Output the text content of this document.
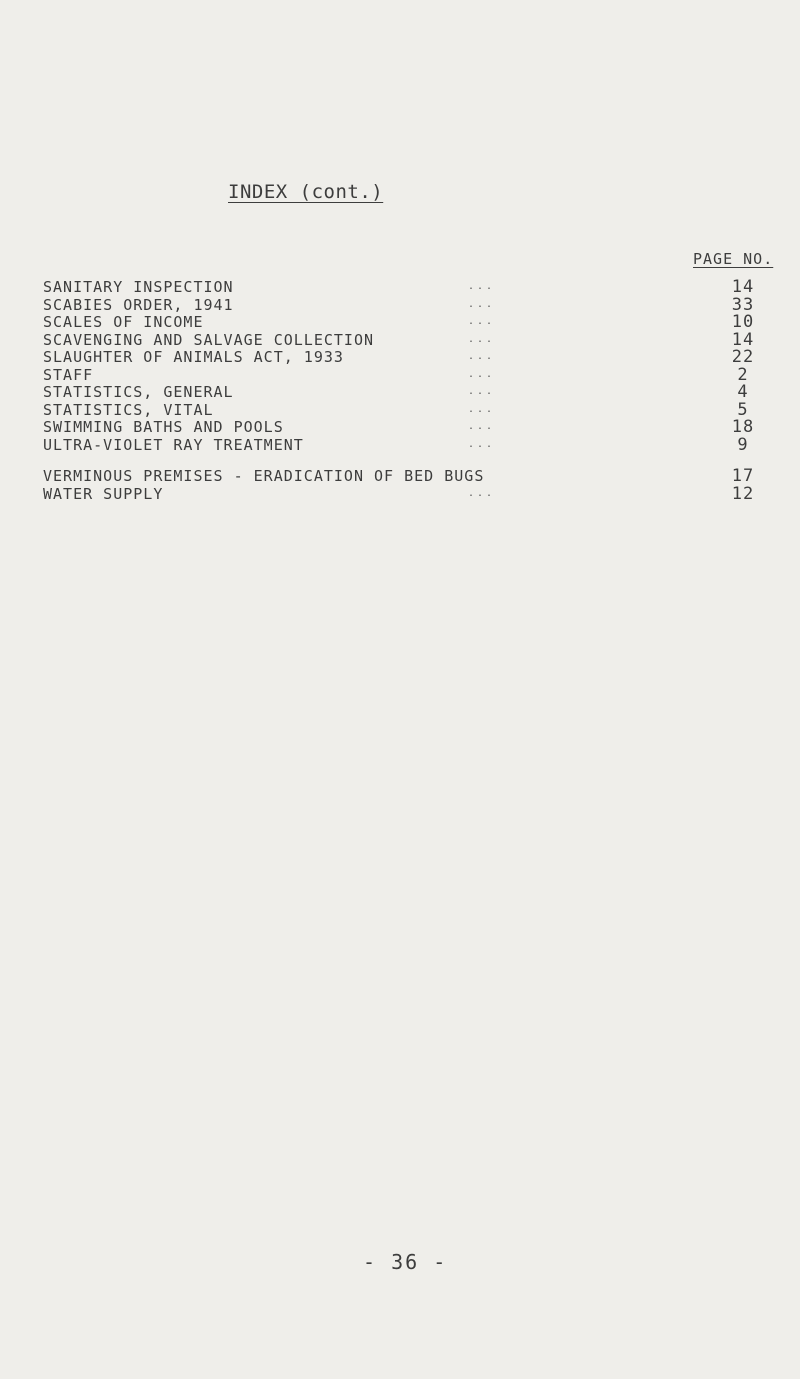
INDEX (cont.)
PAGE NO.
SANITARY INSPECTION	...	14
SCABIES ORDER, 1941	...	33
SCALES OF INCOME	...	10
SCAVENGING AND SALVAGE COLLECTION	...	14
SLAUGHTER OF ANIMALS ACT, 1933	...	22
STAFF	...	2
STATISTICS, GENERAL	...	4
STATISTICS, VITAL	...	5
SWIMMING BATHS AND POOLS	...	18
ULTRA-VIOLET RAY TREATMENT	...	9
VERMINOUS PREMISES - ERADICATION OF BED BUGS	17
WATER SUPPLY	...	12
- 36 -
